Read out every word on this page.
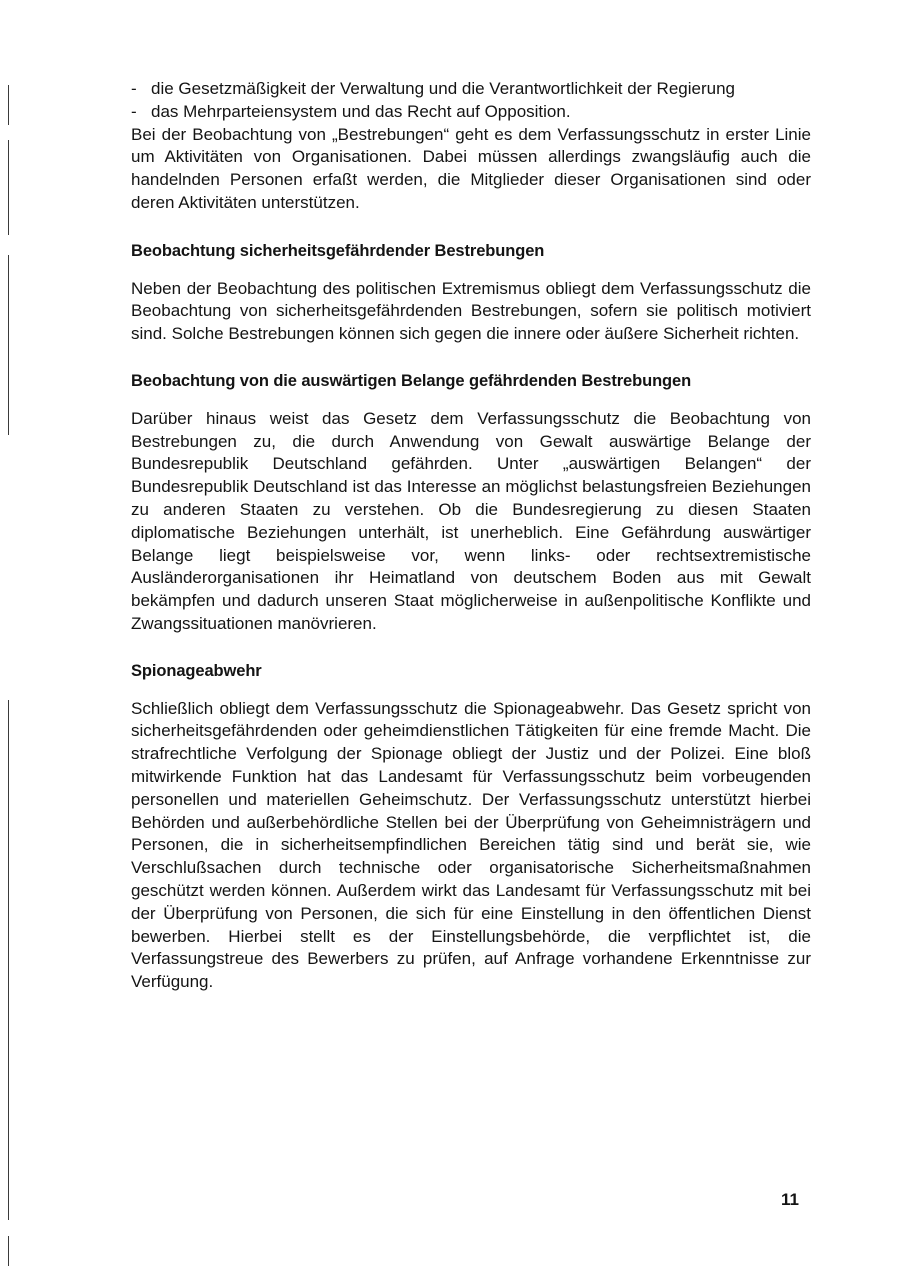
- die Gesetzmäßigkeit der Verwaltung und die Verantwortlichkeit der Regierung
- das Mehrparteiensystem und das Recht auf Opposition.

Bei der Beobachtung von „Bestrebungen“ geht es dem Verfassungsschutz in erster Linie um Aktivitäten von Organisationen. Dabei müssen allerdings zwangsläufig auch die handelnden Personen erfaßt werden, die Mitglieder dieser Organisationen sind oder deren Aktivitäten unterstützen.

Beobachtung sicherheitsgefährdender Bestrebungen

Neben der Beobachtung des politischen Extremismus obliegt dem Verfassungsschutz die Beobachtung von sicherheitsgefährdenden Bestrebungen, sofern sie politisch motiviert sind. Solche Bestrebungen können sich gegen die innere oder äußere Sicherheit richten.

Beobachtung von die auswärtigen Belange gefährdenden Bestrebungen

Darüber hinaus weist das Gesetz dem Verfassungsschutz die Beobachtung von Bestrebungen zu, die durch Anwendung von Gewalt auswärtige Belange der Bundesrepublik Deutschland gefährden. Unter „auswärtigen Belangen“ der Bundesrepublik Deutschland ist das Interesse an möglichst belastungsfreien Beziehungen zu anderen Staaten zu verstehen. Ob die Bundesregierung zu diesen Staaten diplomatische Beziehungen unterhält, ist unerheblich. Eine Gefährdung auswärtiger Belange liegt beispielsweise vor, wenn links- oder rechtsextremistische Ausländerorganisationen ihr Heimatland von deutschem Boden aus mit Gewalt bekämpfen und dadurch unseren Staat möglicherweise in außenpolitische Konflikte und Zwangssituationen manövrieren.

Spionageabwehr

Schließlich obliegt dem Verfassungsschutz die Spionageabwehr. Das Gesetz spricht von sicherheitsgefährdenden oder geheimdienstlichen Tätigkeiten für eine fremde Macht. Die strafrechtliche Verfolgung der Spionage obliegt der Justiz und der Polizei. Eine bloß mitwirkende Funktion hat das Landesamt für Verfassungsschutz beim vorbeugenden personellen und materiellen Geheimschutz. Der Verfassungsschutz unterstützt hierbei Behörden und außerbehördliche Stellen bei der Überprüfung von Geheimnisträgern und Personen, die in sicherheitsempfindlichen Bereichen tätig sind und berät sie, wie Verschlußsachen durch technische oder organisatorische Sicherheitsmaßnahmen geschützt werden können. Außerdem wirkt das Landesamt für Verfassungsschutz mit bei der Überprüfung von Personen, die sich für eine Einstellung in den öffentlichen Dienst bewerben. Hierbei stellt es der Einstellungsbehörde, die verpflichtet ist, die Verfassungstreue des Bewerbers zu prüfen, auf Anfrage vorhandene Erkenntnisse zur Verfügung.

11
